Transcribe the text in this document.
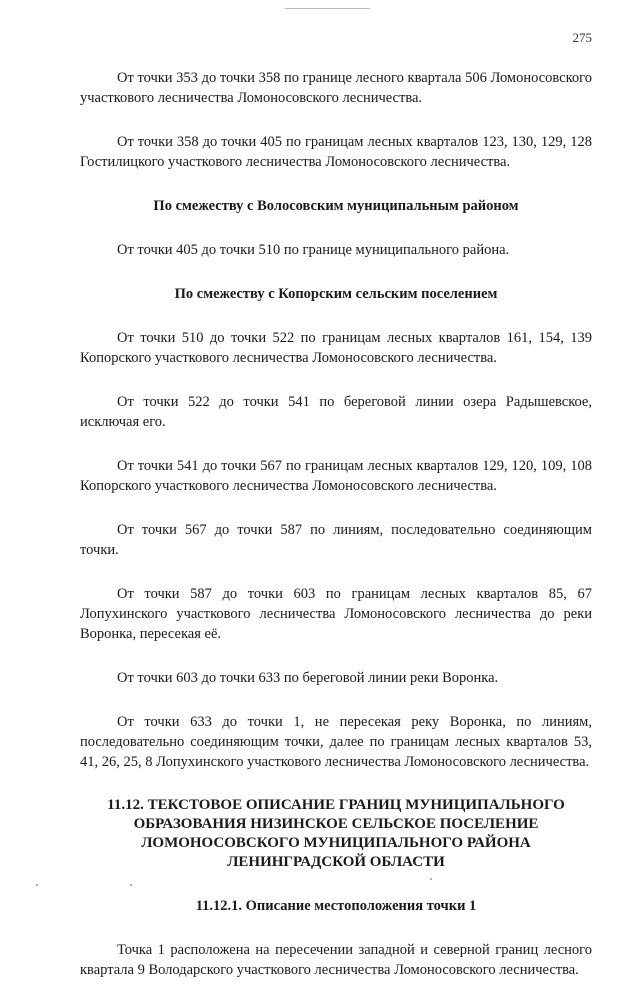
275

От точки 353 до точки 358 по границе лесного квартала 506 Ломоносовского участкового лесничества Ломоносовского лесничества.

От точки 358 до точки 405 по границам лесных кварталов 123, 130, 129, 128 Гостилицкого участкового лесничества Ломоносовского лесничества.

По смежеству с Волосовским муниципальным районом

От точки 405 до точки 510 по границе муниципального района.

По смежеству с Копорским сельским поселением

От точки 510 до точки 522 по границам лесных кварталов 161, 154, 139 Копорского участкового лесничества Ломоносовского лесничества.

От точки 522 до точки 541 по береговой линии озера Радышевское, исключая его.

От точки 541 до точки 567 по границам лесных кварталов 129, 120, 109, 108 Копорского участкового лесничества Ломоносовского лесничества.

От точки 567 до точки 587 по линиям, последовательно соединяющим точки.

От точки 587 до точки 603 по границам лесных кварталов 85, 67 Лопухинского участкового лесничества Ломоносовского лесничества до реки Воронка, пересекая её.

От точки 603 до точки 633 по береговой линии реки Воронка.

От точки 633 до точки 1, не пересекая реку Воронка, по линиям, последовательно соединяющим точки, далее по границам лесных кварталов 53, 41, 26, 25, 8 Лопухинского участкового лесничества Ломоносовского лесничества.

11.12. ТЕКСТОВОЕ ОПИСАНИЕ ГРАНИЦ МУНИЦИПАЛЬНОГО ОБРАЗОВАНИЯ НИЗИНСКОЕ СЕЛЬСКОЕ ПОСЕЛЕНИЕ ЛОМОНОСОВСКОГО МУНИЦИПАЛЬНОГО РАЙОНА ЛЕНИНГРАДСКОЙ ОБЛАСТИ
11.12.1. Описание местоположения точки 1

Точка 1 расположена на пересечении западной и северной границ лесного квартала 9 Володарского участкового лесничества Ломоносовского лесничества.
